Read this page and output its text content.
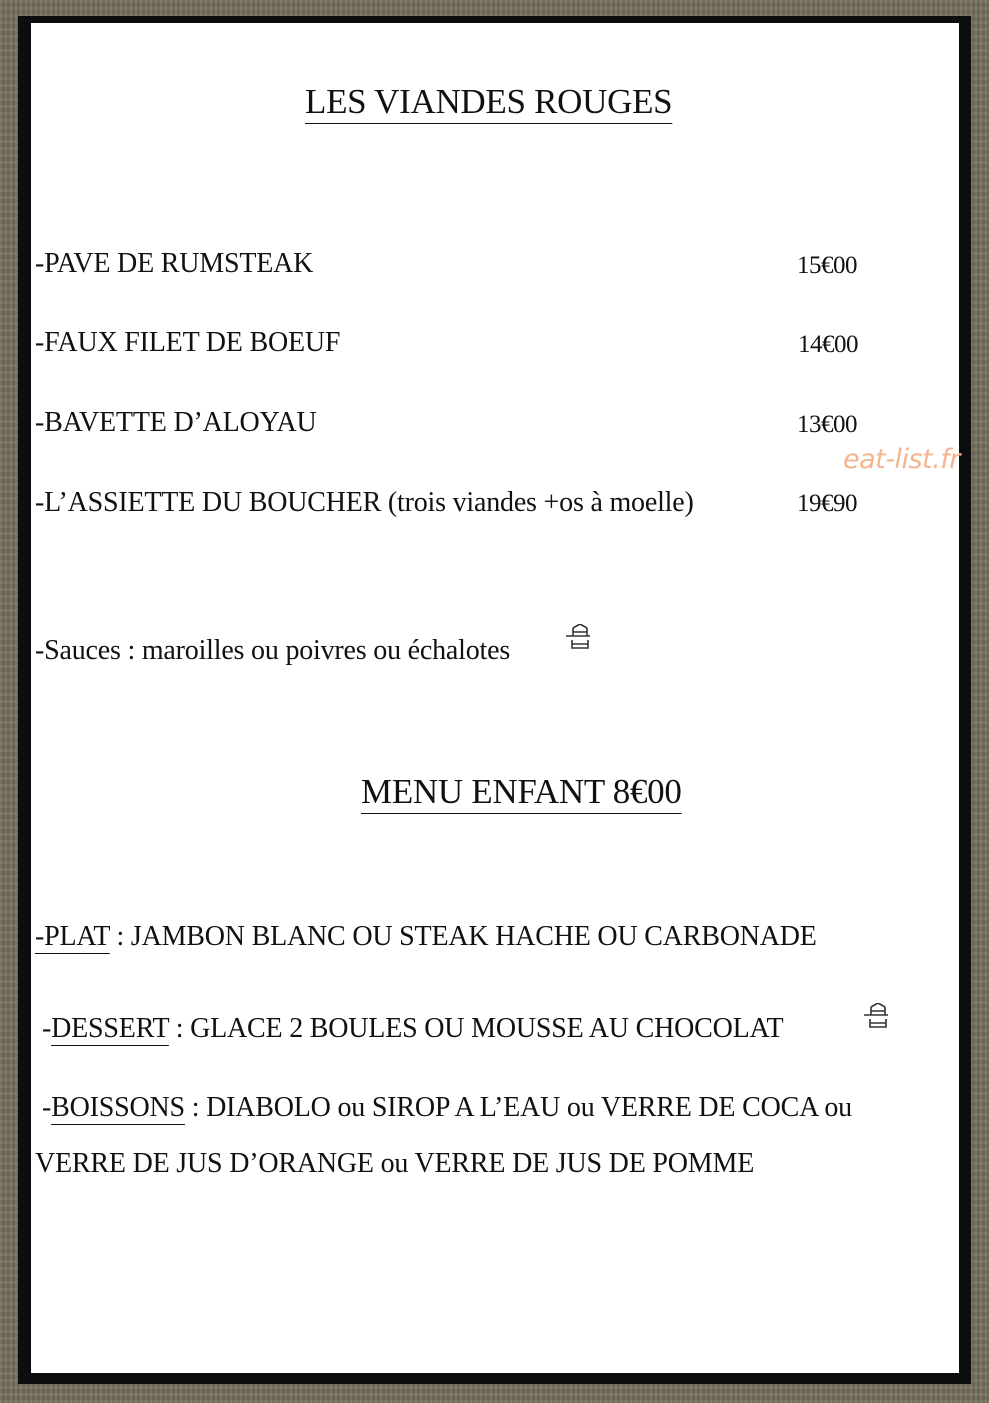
LES VIANDES ROUGES
-PAVE DE RUMSTEAK	15€00
-FAUX FILET DE BOEUF	14€00
-BAVETTE D’ALOYAU	13€00
-L’ASSIETTE DU BOUCHER (trois viandes +os à moelle)	19€90
eat-list.fr
-Sauces : maroilles ou poivres ou échalotes
MENU ENFANT 8€00
-PLAT : JAMBON BLANC OU STEAK HACHE OU CARBONADE
-DESSERT : GLACE 2 BOULES OU MOUSSE AU CHOCOLAT
-BOISSONS : DIABOLO ou SIROP A L’EAU ou VERRE DE COCA ou
VERRE DE JUS D’ORANGE ou VERRE DE JUS DE POMME
